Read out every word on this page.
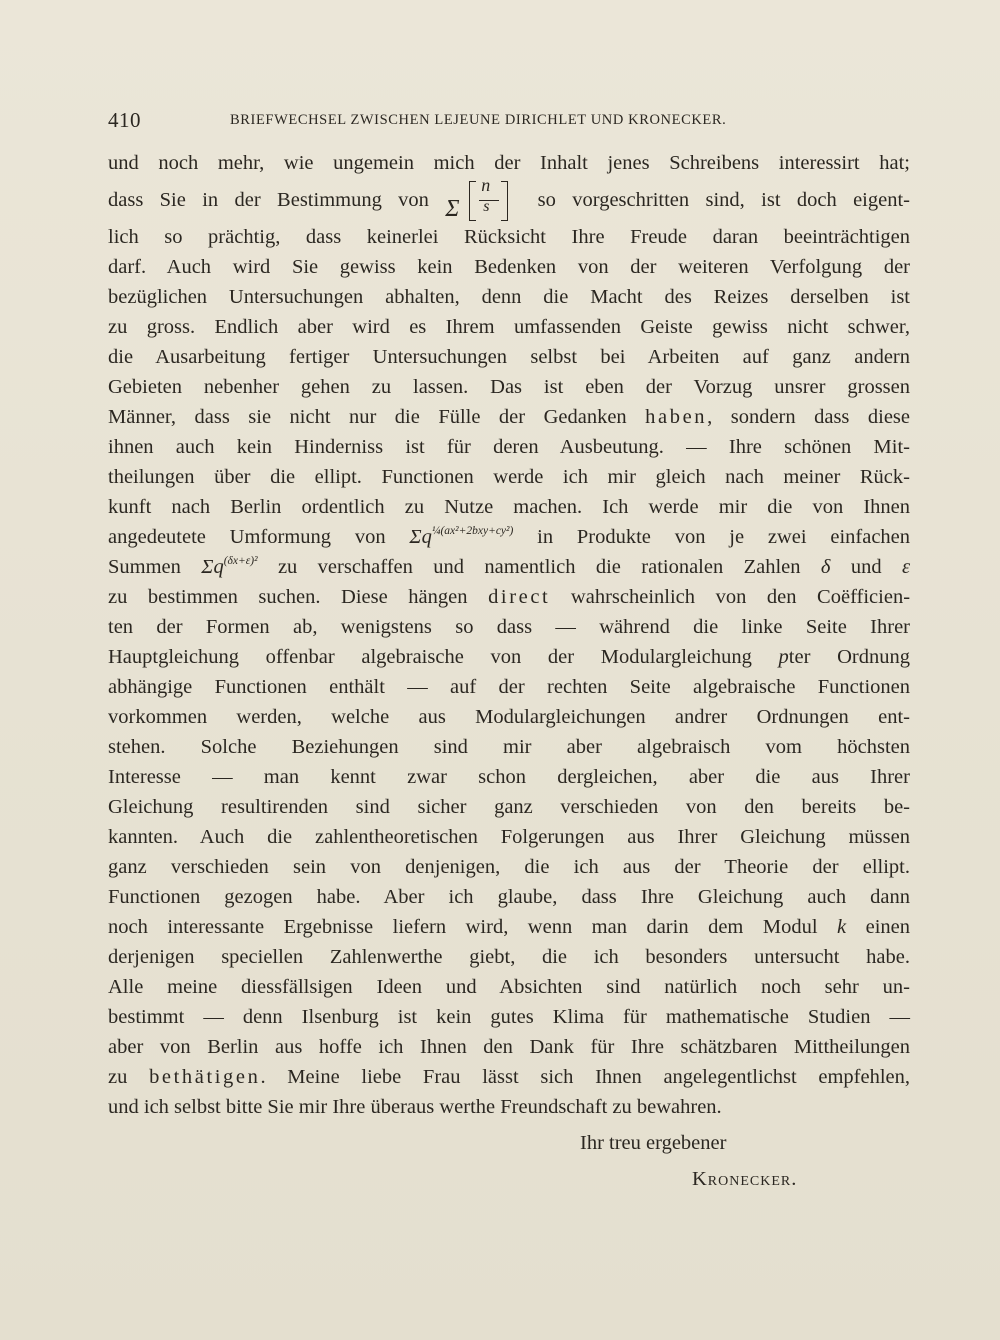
410	BRIEFWECHSEL ZWISCHEN LEJEUNE DIRICHLET UND KRONECKER.
und noch mehr, wie ungemein mich der Inhalt jenes Schreibens interessirt hat;
dass Sie in der Bestimmung von Σ
n
s so vorgeschritten sind, ist doch eigent-
lich so prächtig, dass keinerlei Rücksicht Ihre Freude daran beeinträchtigen
darf. Auch wird Sie gewiss kein Bedenken von der weiteren Verfolgung der
bezüglichen Untersuchungen abhalten, denn die Macht des Reizes derselben ist
zu gross. Endlich aber wird es Ihrem umfassenden Geiste gewiss nicht schwer,
die Ausarbeitung fertiger Untersuchungen selbst bei Arbeiten auf ganz andern
Gebieten nebenher gehen zu lassen. Das ist eben der Vorzug unsrer grossen
Männer, dass sie nicht nur die Fülle der Gedanken haben, sondern dass diese
ihnen auch kein Hinderniss ist für deren Ausbeutung. — Ihre schönen Mit-
theilungen über die ellipt. Functionen werde ich mir gleich nach meiner Rück-
kunft nach Berlin ordentlich zu Nutze machen. Ich werde mir die von Ihnen
angedeutete Umformung von $\Sigma q^{\frac{1}{4}(ax^2+2bxy+cy^2)}$ in Produkte von je zwei einfachen
Summen $\Sigma q^{(\delta x+\varepsilon)^2}$ zu verschaffen und namentlich die rationalen Zahlen δ und ε
zu bestimmen suchen. Diese hängen direct wahrscheinlich von den Coëfficien-
ten der Formen ab, wenigstens so dass — während die linke Seite Ihrer
Hauptgleichung offenbar algebraische von der Modulargleichung pter Ordnung
abhängige Functionen enthält — auf der rechten Seite algebraische Functionen
vorkommen werden, welche aus Modulargleichungen andrer Ordnungen ent-
stehen. Solche Beziehungen sind mir aber algebraisch vom höchsten
Interesse — man kennt zwar schon dergleichen, aber die aus Ihrer
Gleichung resultirenden sind sicher ganz verschieden von den bereits be-
kannten. Auch die zahlentheoretischen Folgerungen aus Ihrer Gleichung müssen
ganz verschieden sein von denjenigen, die ich aus der Theorie der ellipt.
Functionen gezogen habe. Aber ich glaube, dass Ihre Gleichung auch dann
noch interessante Ergebnisse liefern wird, wenn man darin dem Modul k einen
derjenigen speciellen Zahlenwerthe giebt, die ich besonders untersucht habe.
Alle meine diessfällsigen Ideen und Absichten sind natürlich noch sehr un-
bestimmt — denn Ilsenburg ist kein gutes Klima für mathematische Studien —
aber von Berlin aus hoffe ich Ihnen den Dank für Ihre schätzbaren Mittheilungen
zu bethätigen. Meine liebe Frau lässt sich Ihnen angelegentlichst empfehlen,
und ich selbst bitte Sie mir Ihre überaus werthe Freundschaft zu bewahren.
Ihr treu ergebener
Kronecker.
